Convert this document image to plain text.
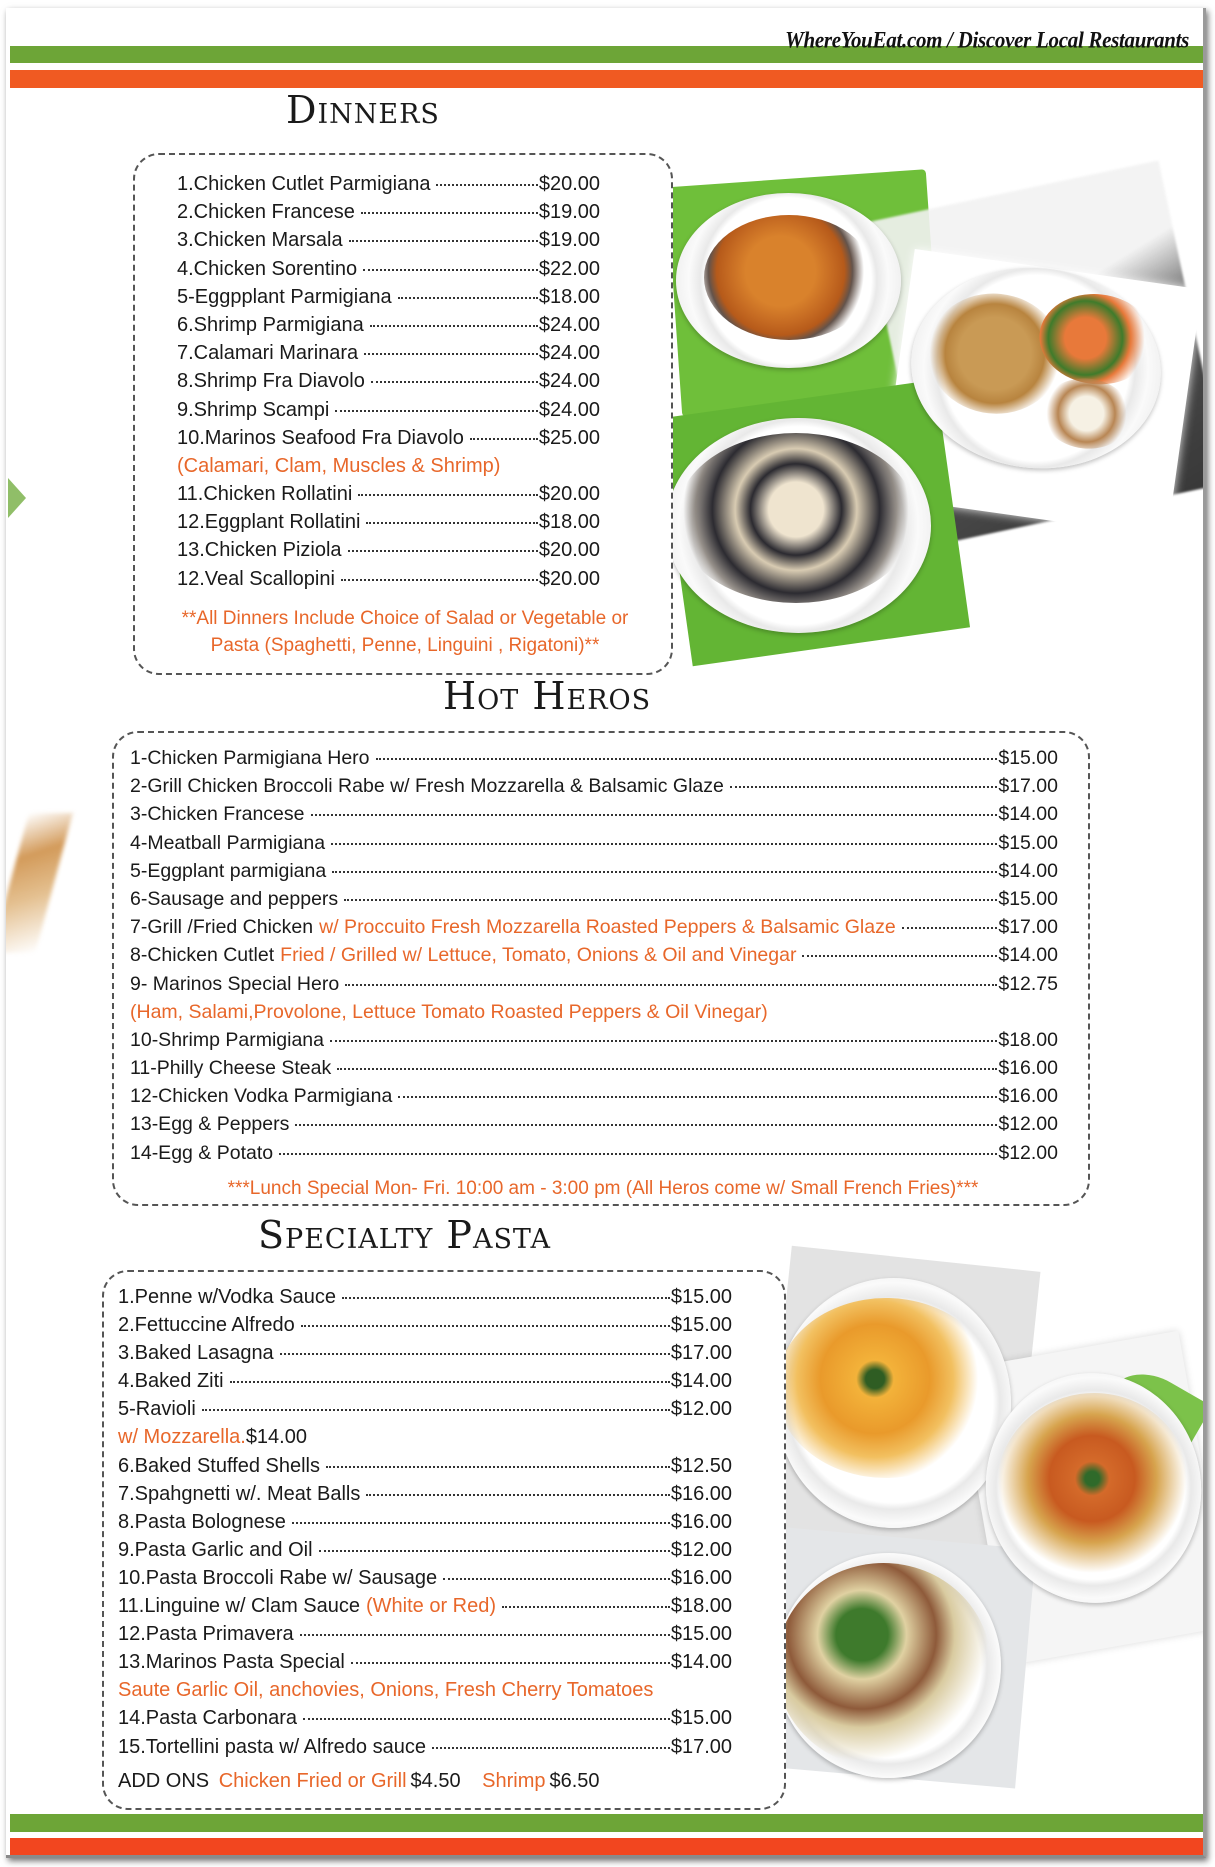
WhereYouEat.com / Discover Local Restaurants
Dinners
1.Chicken Cutlet Parmigiana	$20.00
2.Chicken Francese	$19.00
3.Chicken Marsala	$19.00
4.Chicken Sorentino	$22.00
5-Eggpplant Parmigiana	$18.00
6.Shrimp Parmigiana	$24.00
7.Calamari Marinara	$24.00
8.Shrimp Fra Diavolo	$24.00
9.Shrimp Scampi	$24.00
10.Marinos Seafood Fra Diavolo	$25.00
(Calamari, Clam, Muscles & Shrimp)
11.Chicken Rollatini	$20.00
12.Eggplant Rollatini	$18.00
13.Chicken Piziola	$20.00
12.Veal Scallopini	$20.00
**All Dinners Include Choice of Salad or Vegetable or
Pasta (Spaghetti, Penne, Linguini , Rigatoni)**
Hot Heros
1-Chicken Parmigiana Hero	$15.00
2-Grill Chicken Broccoli Rabe w/ Fresh Mozzarella & Balsamic Glaze	$17.00
3-Chicken Francese	$14.00
4-Meatball Parmigiana	$15.00
5-Eggplant parmigiana	$14.00
6-Sausage and peppers	$15.00
7-Grill /Fried Chicken w/ Proccuito Fresh Mozzarella Roasted Peppers & Balsamic Glaze	$17.00
8-Chicken Cutlet Fried / Grilled w/ Lettuce, Tomato, Onions & Oil and Vinegar	$14.00
9- Marinos Special Hero	$12.75
(Ham, Salami,Provolone, Lettuce Tomato Roasted Peppers & Oil Vinegar)
10-Shrimp Parmigiana	$18.00
11-Philly Cheese Steak	$16.00
12-Chicken Vodka Parmigiana	$16.00
13-Egg & Peppers	$12.00
14-Egg & Potato	$12.00
***Lunch Special Mon- Fri. 10:00 am - 3:00 pm (All Heros come w/ Small French Fries)***
Specialty Pasta
1.Penne w/Vodka Sauce	$15.00
2.Fettuccine Alfredo	$15.00
3.Baked Lasagna	$17.00
4.Baked Ziti	$14.00
5-Ravioli	$12.00
w/ Mozzarella.$14.00
6.Baked Stuffed Shells	$12.50
7.Spahgnetti w/. Meat Balls	$16.00
8.Pasta Bolognese	$16.00
9.Pasta Garlic and Oil	$12.00
10.Pasta Broccoli Rabe w/ Sausage	$16.00
11.Linguine w/ Clam Sauce (White or Red)	$18.00
12.Pasta Primavera	$15.00
13.Marinos Pasta Special	$14.00
Saute Garlic Oil, anchovies, Onions, Fresh Cherry Tomatoes
14.Pasta Carbonara	$15.00
15.Tortellini pasta w/ Alfredo sauce	$17.00
ADD ONS Chicken Fried or Grill $4.50 Shrimp $6.50
